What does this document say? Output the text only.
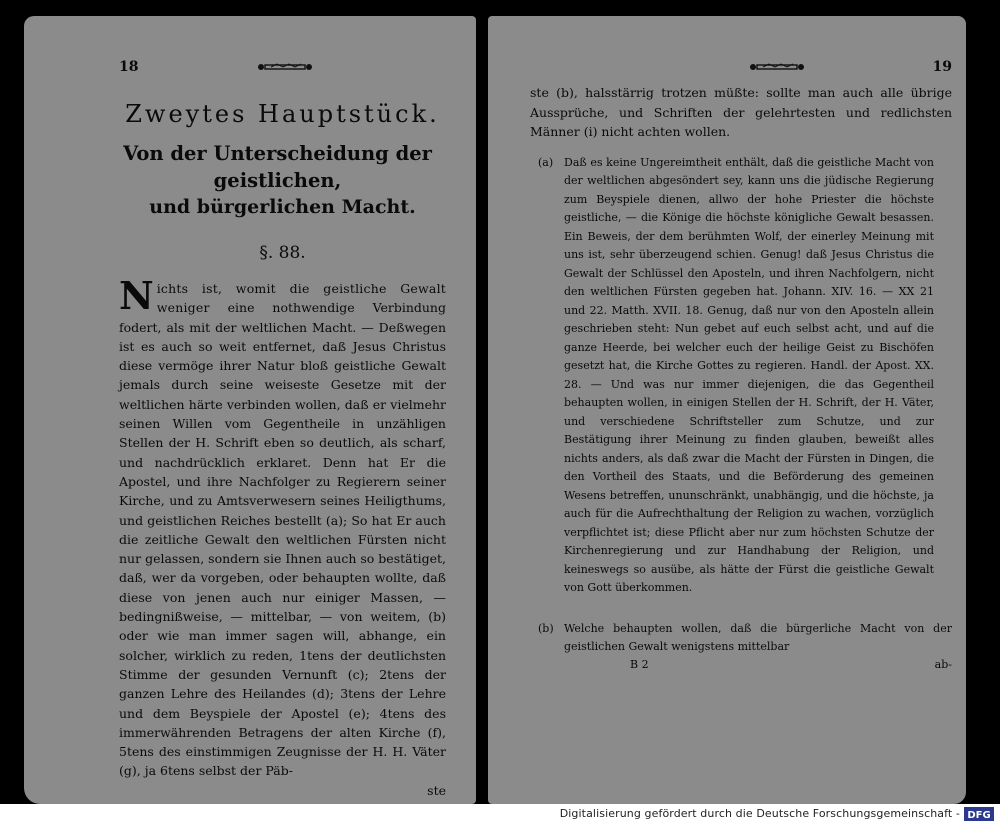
18
Zweytes Hauptstück.
Von der Unterscheidung der geistlichen,
und bürgerlichen Macht.
§. 88.

Nichts ist, womit die geistliche Gewalt weniger eine nothwendige Verbindung fodert, als mit der weltlichen Macht. — Deßwegen ist es auch so weit entfernet, daß Jesus Christus diese vermöge ihrer Natur bloß geistliche Gewalt jemals durch seine weiseste Gesetze mit der weltlichen härte verbinden wollen, daß er vielmehr seinen Willen vom Gegentheile in unzähligen Stellen der H. Schrift eben so deutlich, als scharf, und nachdrücklich erklaret. Denn hat Er die Apostel, und ihre Nachfolger zu Regierern seiner Kirche, und zu Amtsverwesern seines Heiligthums, und geistlichen Reiches bestellt (a); So hat Er auch die zeitliche Gewalt den weltlichen Fürsten nicht nur gelassen, sondern sie Ihnen auch so bestätiget, daß, wer da vorgeben, oder behaupten wollte, daß diese von jenen auch nur einiger Massen, — bedingnißweise, — mittelbar, — von weitem, (b) oder wie man immer sagen will, abhange, ein solcher, wirklich zu reden, 1tens der deutlichsten Stimme der gesunden Vernunft (c); 2tens der ganzen Lehre des Heilandes (d); 3tens der Lehre und dem Beyspiele der Apostel (e); 4tens des immerwährenden Betragens der alten Kirche (f), 5tens des einstimmigen Zeugnisse der H. H. Väter (g), ja 6tens selbst der Päb-

ste

19

ste (b), halsstärrig trotzen müßte: sollte man auch alle übrige Aussprüche, und Schriften der gelehrtesten und redlichsten Männer (i) nicht achten wollen.

(a) Daß es keine Ungereimtheit enthält, daß die geistliche Macht von der weltlichen abgesöndert sey, kann uns die jüdische Regierung zum Beyspiele dienen, allwo der hohe Priester die höchste geistliche, — die Könige die höchste königliche Gewalt besassen. Ein Beweis, der dem berühmten Wolf, der einerley Meinung mit uns ist, sehr überzeugend schien. Genug! daß Jesus Christus die Gewalt der Schlüssel den Aposteln, und ihren Nachfolgern, nicht den weltlichen Fürsten gegeben hat. Johann. XIV. 16. — XX 21 und 22. Matth. XVII. 18. Genug, daß nur von den Aposteln allein geschrieben steht: Nun gebet auf euch selbst acht, und auf die ganze Heerde, bei welcher euch der heilige Geist zu Bischöfen gesetzt hat, die Kirche Gottes zu regieren. Handl. der Apost. XX. 28. — Und was nur immer diejenigen, die das Gegentheil behaupten wollen, in einigen Stellen der H. Schrift, der H. Väter, und verschiedene Schriftsteller zum Schutze, und zur Bestätigung ihrer Meinung zu finden glauben, beweißt alles nichts anders, als daß zwar die Macht der Fürsten in Dingen, die den Vortheil des Staats, und die Beförderung des gemeinen Wesens betreffen, ununschränkt, unabhängig, und die höchste, ja auch für die Aufrechthaltung der Religion zu wachen, vorzüglich verpflichtet ist; diese Pflicht aber nur zum höchsten Schutze der Kirchenregierung und zur Handhabung der Religion, und keineswegs so ausübe, als hätte der Fürst die geistliche Gewalt von Gott überkommen.
(b) Welche behaupten wollen, daß die bürgerliche Macht von der geistlichen Gewalt wenigstens mittelbar
B 2	ab-
Digitalisierung gefördert durch die Deutsche Forschungsgemeinschaft - DFG
